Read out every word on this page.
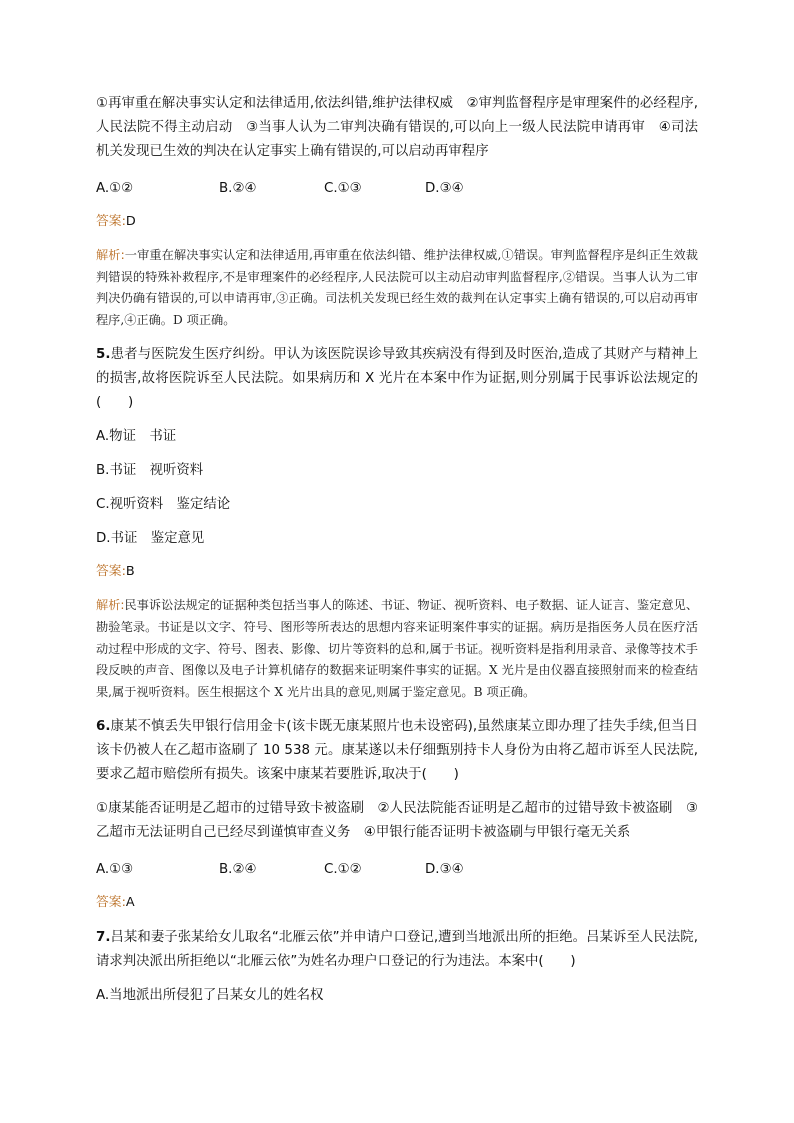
①再审重在解决事实认定和法律适用,依法纠错,维护法律权威　②审判监督程序是审理案件的必经程序,人民法院不得主动启动　③当事人认为二审判决确有错误的,可以向上一级人民法院申请再审　④司法机关发现已生效的判决在认定事实上确有错误的,可以启动再审程序

A.①②	B.②④	C.①③	D.③④

答案:D

解析:一审重在解决事实认定和法律适用,再审重在依法纠错、维护法律权威,①错误。审判监督程序是纠正生效裁判错误的特殊补救程序,不是审理案件的必经程序,人民法院可以主动启动审判监督程序,②错误。当事人认为二审判决仍确有错误的,可以申请再审,③正确。司法机关发现已经生效的裁判在认定事实上确有错误的,可以启动再审程序,④正确。D 项正确。

5.患者与医院发生医疗纠纷。甲认为该医院误诊导致其疾病没有得到及时医治,造成了其财产与精神上的损害,故将医院诉至人民法院。如果病历和 X 光片在本案中作为证据,则分别属于民事诉讼法规定的(　　)

A.物证　书证

B.书证　视听资料

C.视听资料　鉴定结论

D.书证　鉴定意见

答案:B

解析:民事诉讼法规定的证据种类包括当事人的陈述、书证、物证、视听资料、电子数据、证人证言、鉴定意见、勘验笔录。书证是以文字、符号、图形等所表达的思想内容来证明案件事实的证据。病历是指医务人员在医疗活动过程中形成的文字、符号、图表、影像、切片等资料的总和,属于书证。视听资料是指利用录音、录像等技术手段反映的声音、图像以及电子计算机储存的数据来证明案件事实的证据。X 光片是由仪器直接照射而来的检查结果,属于视听资料。医生根据这个 X 光片出具的意见,则属于鉴定意见。B 项正确。

6.康某不慎丢失甲银行信用金卡(该卡既无康某照片也未设密码),虽然康某立即办理了挂失手续,但当日该卡仍被人在乙超市盗刷了 10 538 元。康某遂以未仔细甄别持卡人身份为由将乙超市诉至人民法院,要求乙超市赔偿所有损失。该案中康某若要胜诉,取决于(　　)

①康某能否证明是乙超市的过错导致卡被盗刷　②人民法院能否证明是乙超市的过错导致卡被盗刷　③乙超市无法证明自己已经尽到谨慎审查义务　④甲银行能否证明卡被盗刷与甲银行毫无关系

A.①③	B.②④	C.①②	D.③④

答案:A

7.吕某和妻子张某给女儿取名“北雁云依”并申请户口登记,遭到当地派出所的拒绝。吕某诉至人民法院,请求判决派出所拒绝以“北雁云依”为姓名办理户口登记的行为违法。本案中(　　)

A.当地派出所侵犯了吕某女儿的姓名权
